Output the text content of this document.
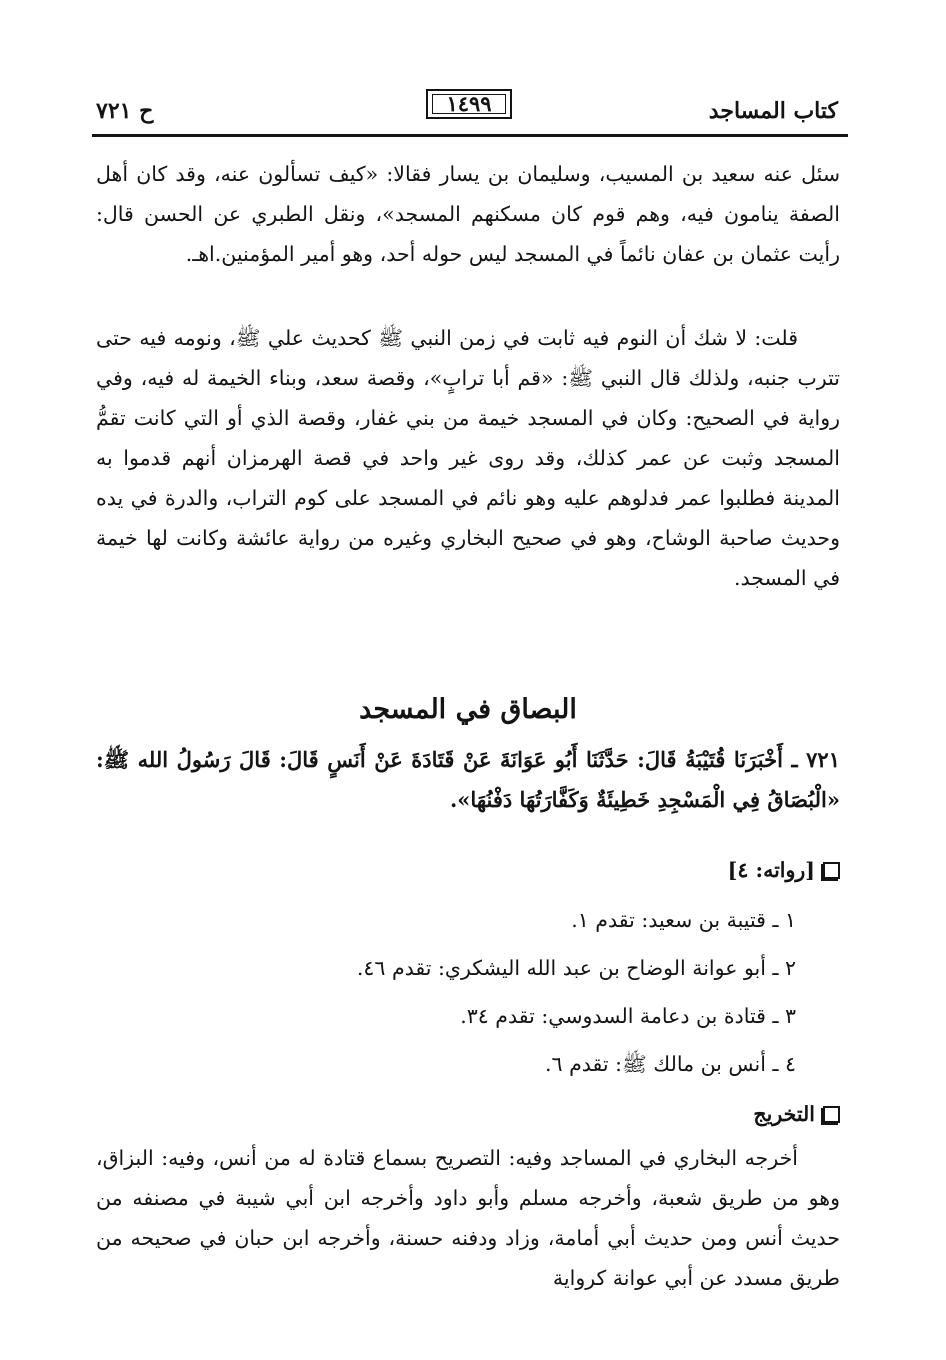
كتاب المساجد
١٤٩٩
ح ٧٢١
سئل عنه سعيد بن المسيب، وسليمان بن يسار فقالا: «كيف تسألون عنه، وقد كان أهل الصفة ينامون فيه، وهم قوم كان مسكنهم المسجد»، ونقل الطبري عن الحسن قال: رأيت عثمان بن عفان نائماً في المسجد ليس حوله أحد، وهو أمير المؤمنين.اهـ.
قلت: لا شك أن النوم فيه ثابت في زمن النبي ﷺ كحديث علي ﷺ، ونومه فيه حتى تترب جنبه، ولذلك قال النبي ﷺ: «قم أبا ترابٍ»، وقصة سعد، وبناء الخيمة له فيه، وفي رواية في الصحيح: وكان في المسجد خيمة من بني غفار، وقصة الذي أو التي كانت تقمُّ المسجد وثبت عن عمر كذلك، وقد روى غير واحد في قصة الهرمزان أنهم قدموا به المدينة فطلبوا عمر فدلوهم عليه وهو نائم في المسجد على كوم التراب، والدرة في يده وحديث صاحبة الوشاح، وهو في صحيح البخاري وغيره من رواية عائشة وكانت لها خيمة في المسجد.
البصاق في المسجد
٧٢١ ـ أَخْبَرَنَا قُتَيْبَةُ قَالَ: حَدَّثَنَا أَبُو عَوَانَةَ عَنْ قَتَادَةَ عَنْ أَنَسٍ قَالَ: قَالَ رَسُولُ الله ﷺ: «الْبُصَاقُ فِي الْمَسْجِدِ خَطِيئَةٌ وَكَفَّارَتُهَا دَفْنُهَا».
[رواته: ٤]
١ ـ قتيبة بن سعيد: تقدم ١.
٢ ـ أبو عوانة الوضاح بن عبد الله اليشكري: تقدم ٤٦.
٣ ـ قتادة بن دعامة السدوسي: تقدم ٣٤.
٤ ـ أنس بن مالك ﷺ: تقدم ٦.
التخريج
أخرجه البخاري في المساجد وفيه: التصريح بسماع قتادة له من أنس، وفيه: البزاق، وهو من طريق شعبة، وأخرجه مسلم وأبو داود وأخرجه ابن أبي شيبة في مصنفه من حديث أنس ومن حديث أبي أمامة، وزاد ودفنه حسنة، وأخرجه ابن حبان في صحيحه من طريق مسدد عن أبي عوانة كرواية
